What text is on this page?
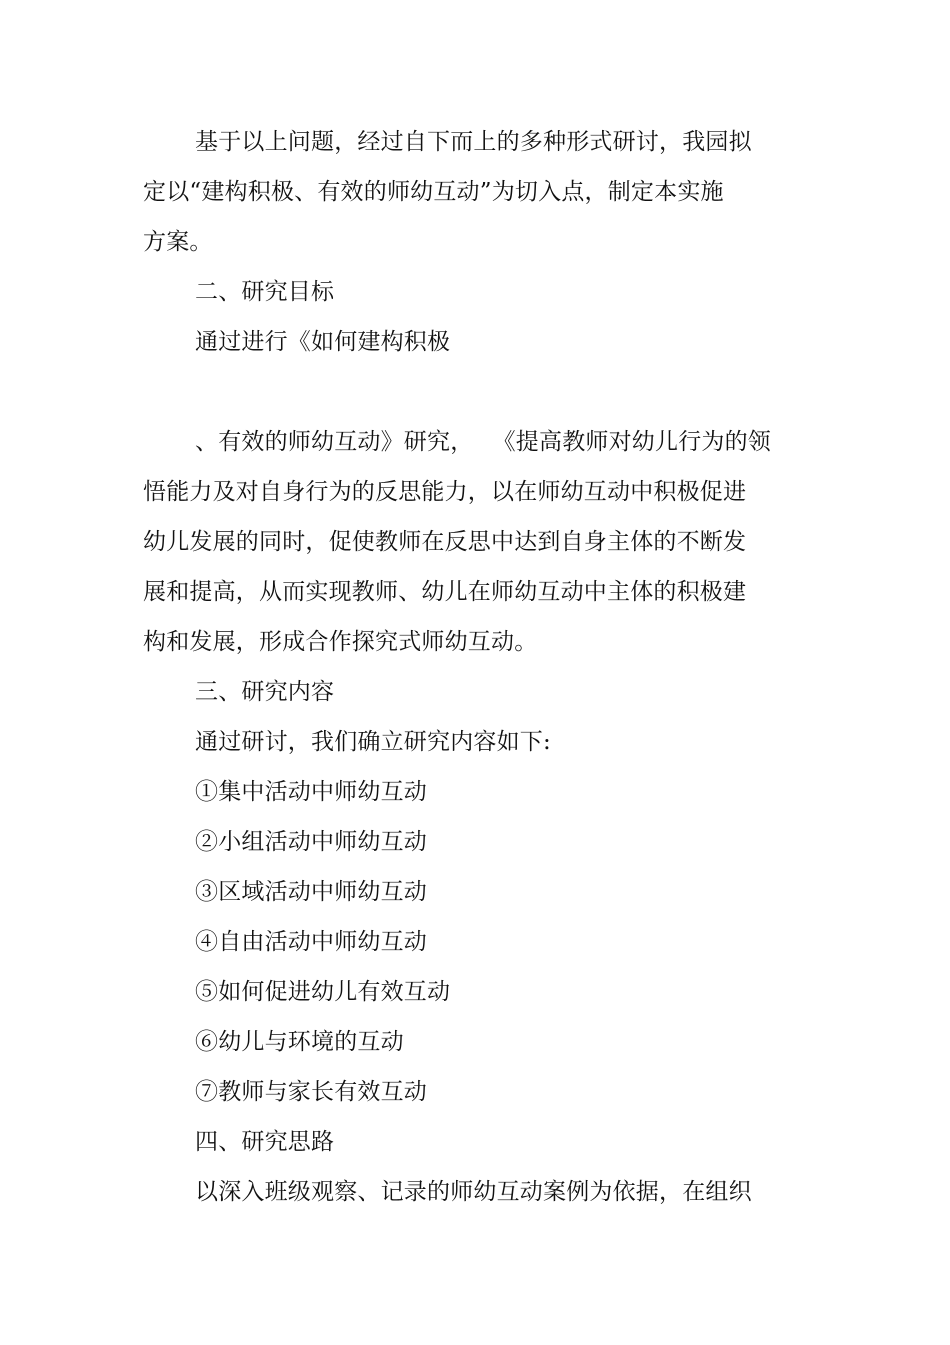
基于以上问题，经过自下而上的多种形式研讨，我园拟
定以“建构积极、有效的师幼互动”为切入点，制定本实施
方案。
二、研究目标
通过进行《如何建构积极
、有效的师幼互动》研究，　 《提高教师对幼儿行为的领
悟能力及对自身行为的反思能力，以在师幼互动中积极促进
幼儿发展的同时，促使教师在反思中达到自身主体的不断发
展和提高，从而实现教师、幼儿在师幼互动中主体的积极建
构和发展，形成合作探究式师幼互动。
三、研究内容
通过研讨，我们确立研究内容如下:
①集中活动中师幼互动
②小组活动中师幼互动
③区域活动中师幼互动
④自由活动中师幼互动
⑤如何促进幼儿有效互动
⑥幼儿与环境的互动
⑦教师与家长有效互动
四、研究思路
以深入班级观察、记录的师幼互动案例为依据，在组织
